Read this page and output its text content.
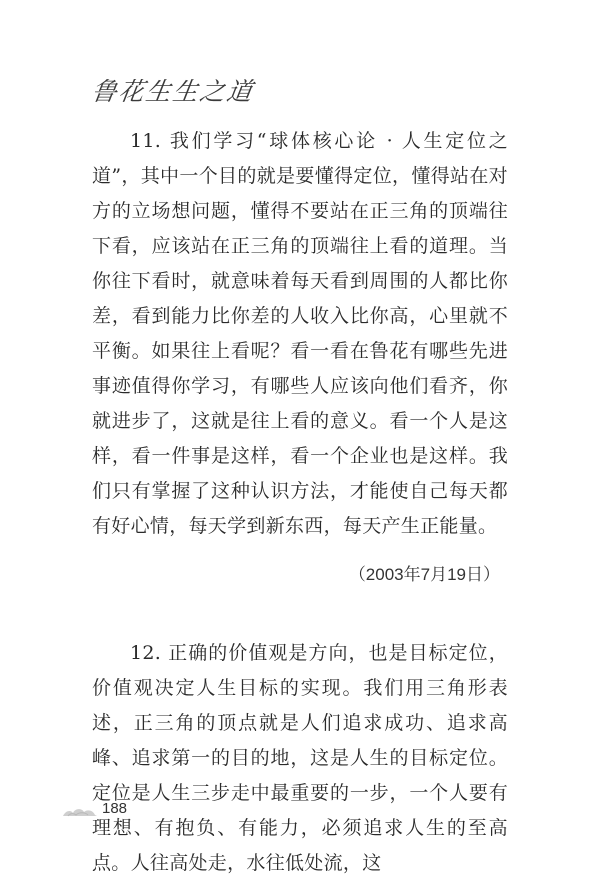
鲁花生生之道

11. 我们学习“球体核心论 · 人生定位之道”，其中一个目的就是要懂得定位，懂得站在对方的立场想问题，懂得不要站在正三角的顶端往下看，应该站在正三角的顶端往上看的道理。当你往下看时，就意味着每天看到周围的人都比你差，看到能力比你差的人收入比你高，心里就不平衡。如果往上看呢？看一看在鲁花有哪些先进事迹值得你学习，有哪些人应该向他们看齐，你就进步了，这就是往上看的意义。看一个人是这样，看一件事是这样，看一个企业也是这样。我们只有掌握了这种认识方法，才能使自己每天都有好心情，每天学到新东西，每天产生正能量。

（2003年7月19日）

12. 正确的价值观是方向，也是目标定位，价值观决定人生目标的实现。我们用三角形表述，正三角的顶点就是人们追求成功、追求高峰、追求第一的目的地，这是人生的目标定位。定位是人生三步走中最重要的一步，一个人要有理想、有抱负、有能力，必须追求人生的至高点。人往高处走，水往低处流，这

188
